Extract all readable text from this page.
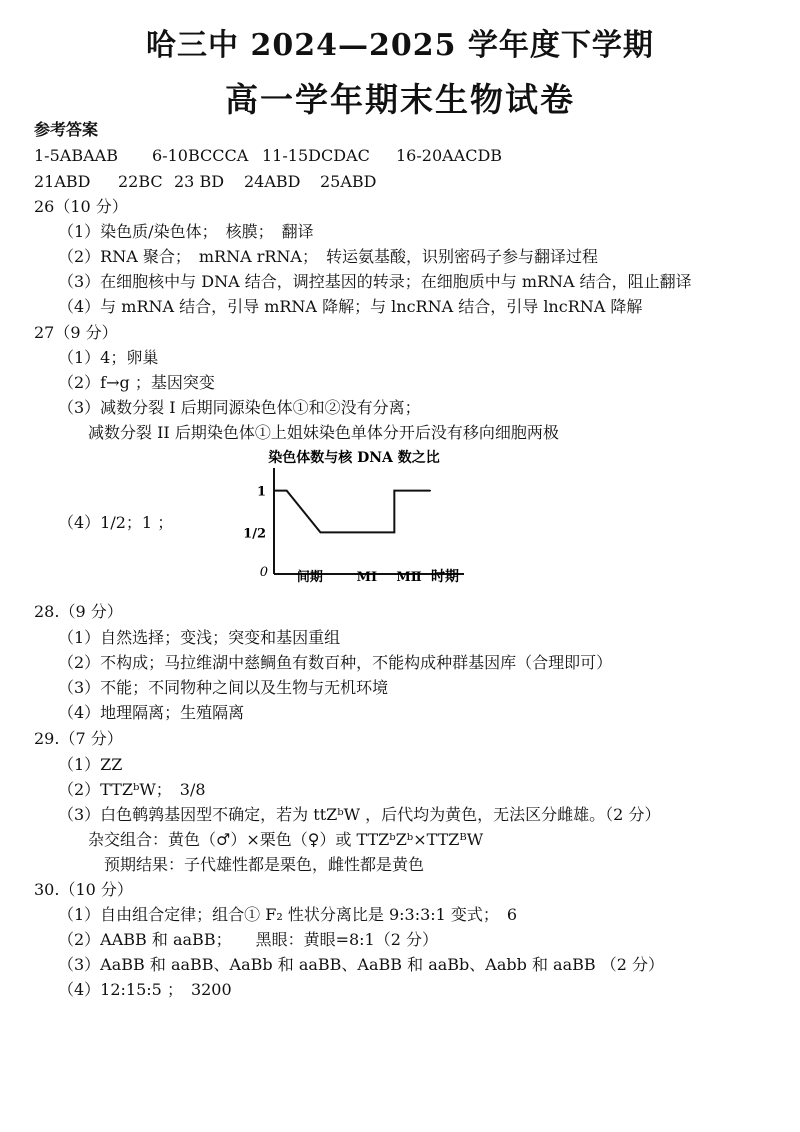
哈三中 2024—2025 学年度下学期
高一学年期末生物试卷
参考答案
1-5ABAAB 6-10BCCCA 11-15DCDAC 16-20AACDB
21ABD 22BC 23 BD 24ABD 25ABD
26（10 分）
（1）染色质/染色体；　核膜；　翻译
（2）RNA 聚合；　mRNA rRNA；　转运氨基酸，识别密码子参与翻译过程
（3）在细胞核中与 DNA 结合，调控基因的转录；在细胞质中与 mRNA 结合，阻止翻译
（4）与 mRNA 结合，引导 mRNA 降解；与 lncRNA 结合，引导 lncRNA 降解
27（9 分）
（1）4；卵巢
（2）f→g ；基因突变
（3）减数分裂 I 后期同源染色体①和②没有分离；
减数分裂 II 后期染色体①上姐妹染色单体分开后没有移向细胞两极
（4）1/2；1 ；
染色体数与核 DNA 数之比
0
1
1/2
间期	MⅠ MⅡ 时期
28.（9 分）
（1）自然选择；变浅；突变和基因重组
（2）不构成；马拉维湖中慈鲷鱼有数百种，不能构成种群基因库（合理即可）
（3）不能；不同物种之间以及生物与无机环境
（4）地理隔离；生殖隔离
29.（7 分）
（1）ZZ
（2）TTZᵇW；　3/8
（3）白色鹌鹑基因型不确定，若为 ttZᵇW ，后代均为黄色，无法区分雌雄。（2 分）
杂交组合：黄色（♂）×栗色（♀）或 TTZᵇZᵇ×TTZᴮW
预期结果：子代雄性都是栗色，雌性都是黄色
30.（10 分）
（1）自由组合定律；组合① F₂ 性状分离比是 9:3:3:1 变式；　6
（2）AABB 和 aaBB；　　黑眼：黄眼=8:1（2 分）
（3）AaBB 和 aaBB、AaBb 和 aaBB、AaBB 和 aaBb、Aabb 和 aaBB （2 分）
（4）12:15:5 ；　3200
